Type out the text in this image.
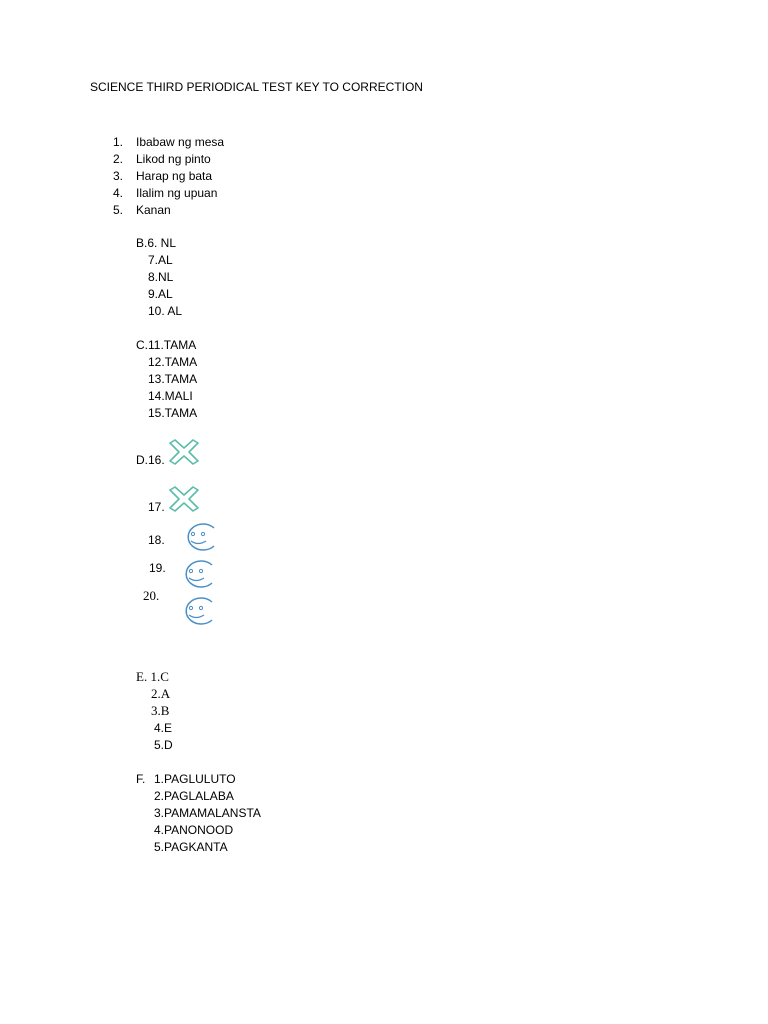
SCIENCE THIRD PERIODICAL TEST KEY TO CORRECTION
1. Ibabaw ng mesa
2. Likod ng pinto
3. Harap ng bata
4. Ilalim ng upuan
5. Kanan
B.6. NL
7.AL
8.NL
9.AL
10. AL
C.11.TAMA
12.TAMA
13.TAMA
14.MALI
15.TAMA
D.16.
17.
18.
19.
20.
E. 1.C
2.A
3.B
4.E
5.D
F. 1.PAGLULUTO
2.PAGLALABA
3.PAMAMALANSTA
4.PANONOOD
5.PAGKANTA
